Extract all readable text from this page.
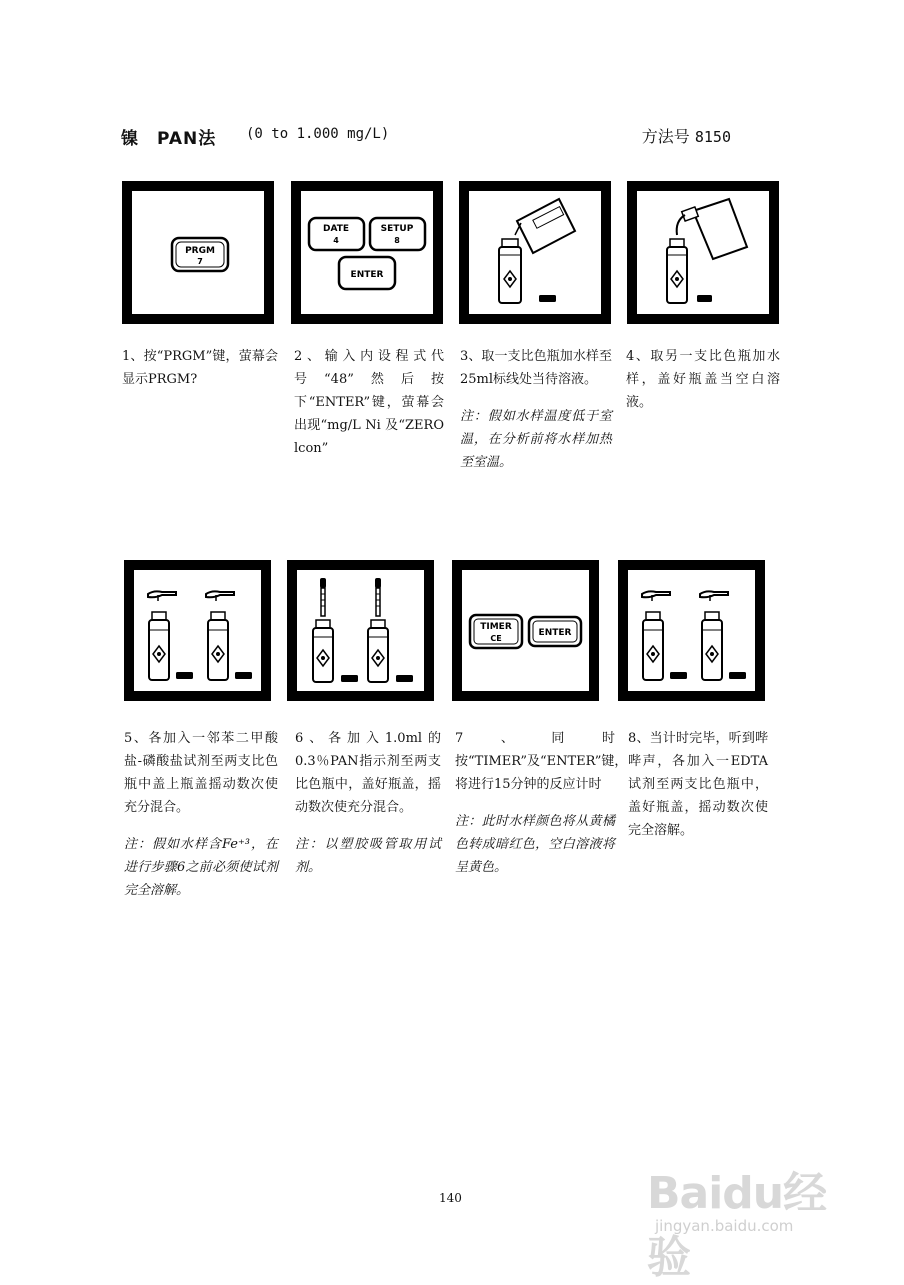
镍　PAN法 (0 to 1.000 mg/L)	方法号 8150
PRGM
7
DATE
4
SETUP
8
ENTER
TIMER
CE
ENTER
1、按“PRGM”键，萤幕会显示PRGM?
2、输入内设程式代号“48”然后按下“ENTER”键，萤幕会出现“mg/L Ni 及“ZERO lcon”
3、取一支比色瓶加水样至25ml标线处当待溶液。
注：假如水样温度低于室温，在分析前将水样加热至室温。
4、取另一支比色瓶加水样，盖好瓶盖当空白溶液。
5、各加入一邻苯二甲酸盐-磷酸盐试剂至两支比色瓶中盖上瓶盖摇动数次使充分混合。
注：假如水样含Fe⁺³，在进行步骤6之前必须使试剂完全溶解。
6、各加入1.0ml的0.3％PAN指示剂至两支比色瓶中，盖好瓶盖，摇动数次使充分混合。
注：以塑胶吸管取用试剂。
7、同时按“TIMER”及“ENTER”键，将进行15分钟的反应计时
注：此时水样颜色将从黄橘色转成暗红色，空白溶液将呈黄色。
8、当计时完毕，听到哔哔声，各加入一EDTA试剂至两支比色瓶中，盖好瓶盖，摇动数次使完全溶解。
140	Baidu经验
jingyan.baidu.com
